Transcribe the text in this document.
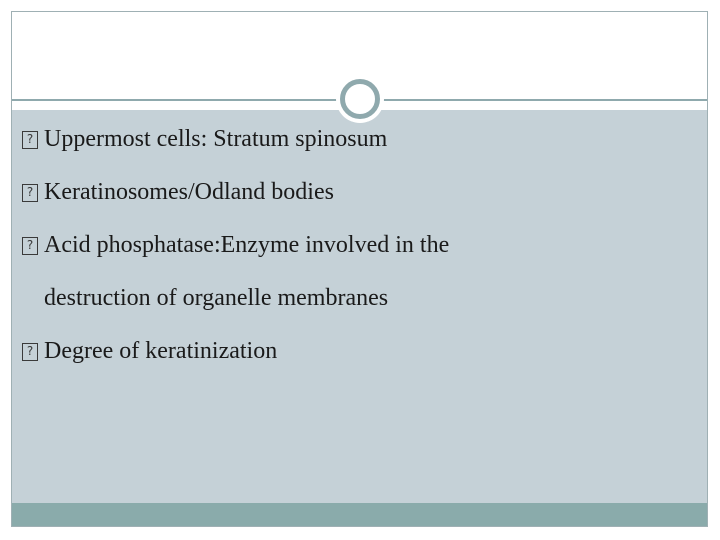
? Uppermost cells: Stratum spinosum
? Keratinosomes/Odland bodies
? Acid phosphatase:Enzyme involved in the
destruction of organelle membranes
? Degree of keratinization
